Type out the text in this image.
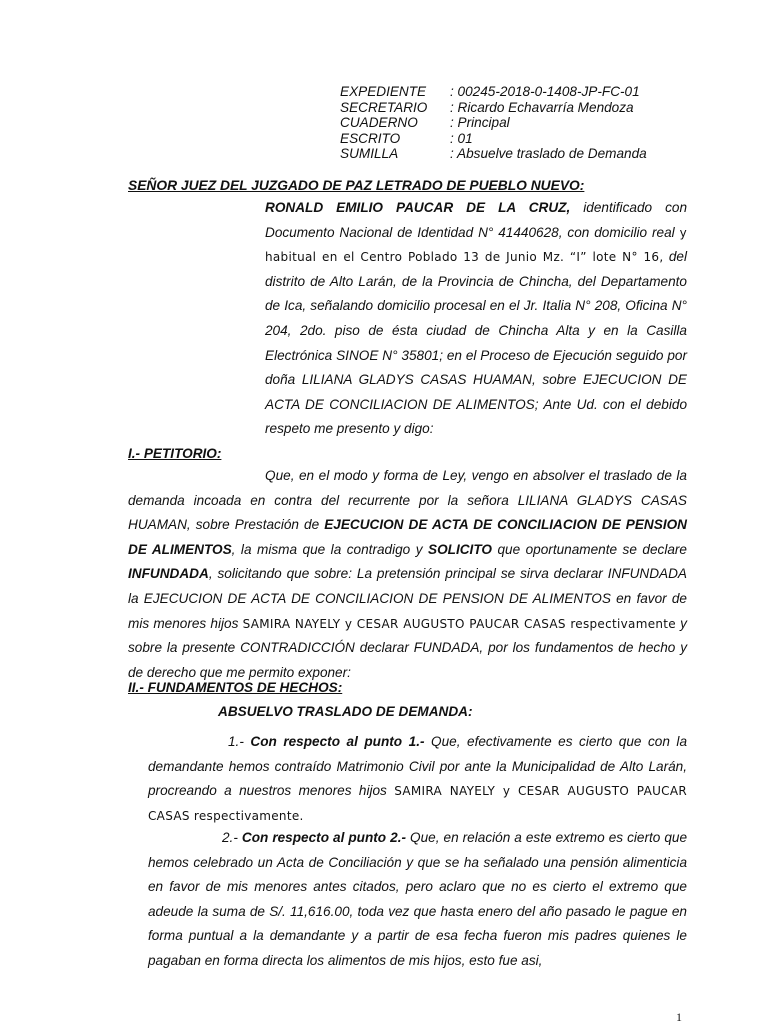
EXPEDIENTE	: 00245-2018-0-1408-JP-FC-01
SECRETARIO	: Ricardo Echavarría Mendoza
CUADERNO	: Principal
ESCRITO	: 01
SUMILLA	: Absuelve traslado de Demanda
SEÑOR JUEZ DEL JUZGADO DE PAZ LETRADO DE PUEBLO NUEVO:
RONALD EMILIO PAUCAR DE LA CRUZ, identificado con Documento Nacional de Identidad N° 41440628, con domicilio real y habitual en el Centro Poblado 13 de Junio Mz. “I” lote N° 16, del distrito de Alto Larán, de la Provincia de Chincha, del Departamento de Ica, señalando domicilio procesal en el Jr. Italia N° 208, Oficina N° 204, 2do. piso de ésta ciudad de Chincha Alta y en la Casilla Electrónica SINOE N° 35801; en el Proceso de Ejecución seguido por doña LILIANA GLADYS CASAS HUAMAN, sobre EJECUCION DE ACTA DE CONCILIACION DE ALIMENTOS; Ante Ud. con el debido respeto me presento y digo:
I.- PETITORIO:
Que, en el modo y forma de Ley, vengo en absolver el traslado de la demanda incoada en contra del recurrente por la señora LILIANA GLADYS CASAS HUAMAN, sobre Prestación de EJECUCION DE ACTA DE CONCILIACION DE PENSION DE ALIMENTOS, la misma que la contradigo y SOLICITO que oportunamente se declare INFUNDADA, solicitando que sobre: La pretensión principal se sirva declarar INFUNDADA la EJECUCION DE ACTA DE CONCILIACION DE PENSION DE ALIMENTOS en favor de mis menores hijos SAMIRA NAYELY y CESAR AUGUSTO PAUCAR CASAS respectivamente y sobre la presente CONTRADICCIÓN declarar FUNDADA, por los fundamentos de hecho y de derecho que me permito exponer:
II.- FUNDAMENTOS DE HECHOS:
ABSUELVO TRASLADO DE DEMANDA:
1.- Con respecto al punto 1.- Que, efectivamente es cierto que con la demandante hemos contraído Matrimonio Civil por ante la Municipalidad de Alto Larán, procreando a nuestros menores hijos SAMIRA NAYELY y CESAR AUGUSTO PAUCAR CASAS respectivamente.
2.- Con respecto al punto 2.- Que, en relación a este extremo es cierto que hemos celebrado un Acta de Conciliación y que se ha señalado una pensión alimenticia en favor de mis menores antes citados, pero aclaro que no es cierto el extremo que adeude la suma de S/. 11,616.00, toda vez que hasta enero del año pasado le pague en forma puntual a la demandante y a partir de esa fecha fueron mis padres quienes le pagaban en forma directa los alimentos de mis hijos, esto fue asi,
1
